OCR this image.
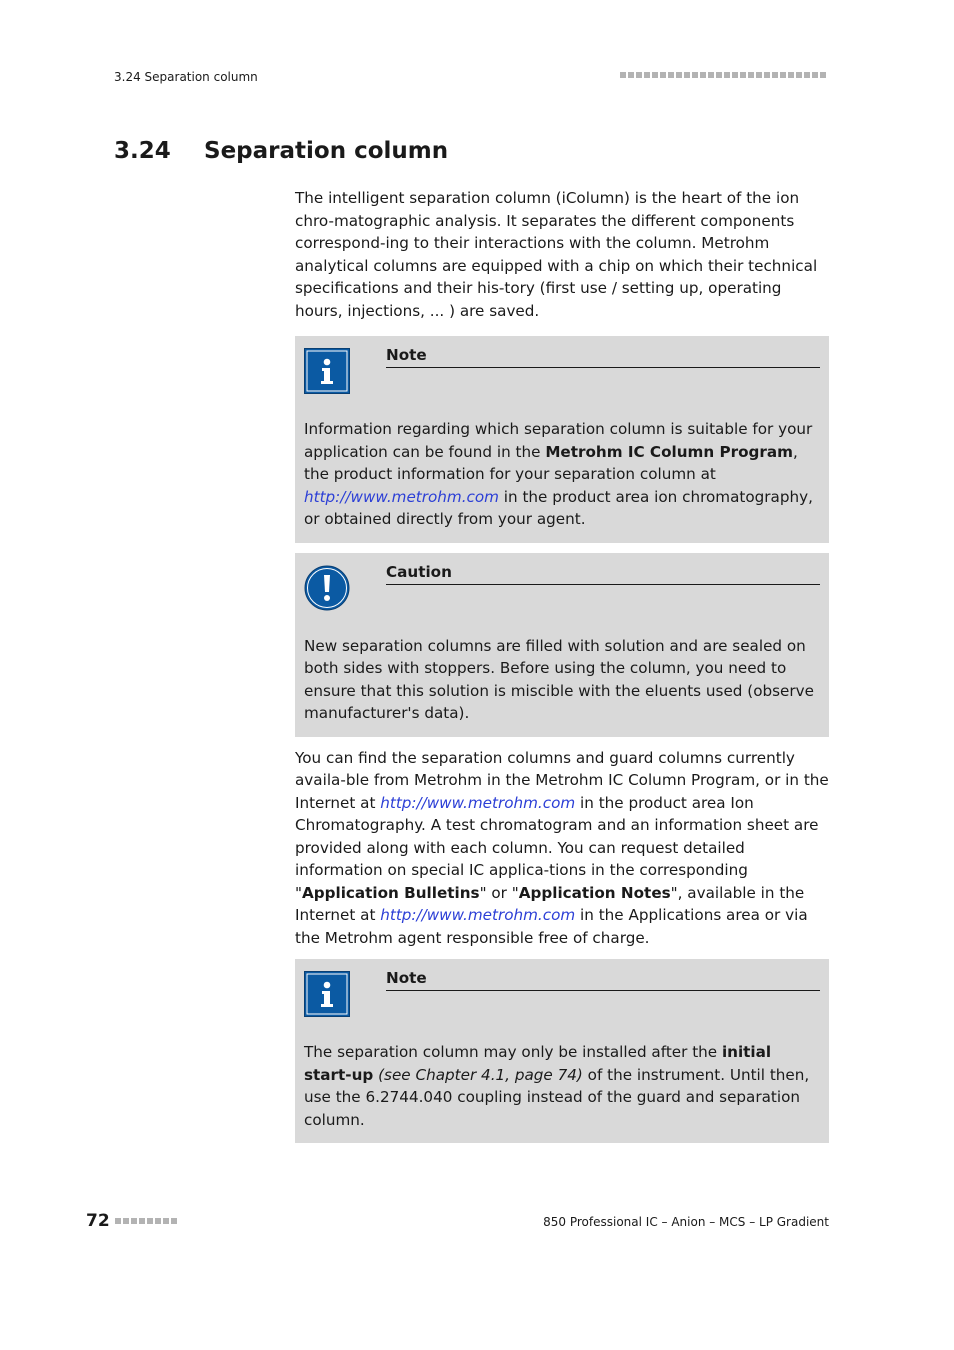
3.24 Separation column
3.24 Separation column

The intelligent separation column (iColumn) is the heart of the ion chro-matographic analysis. It separates the different components correspond-ing to their interactions with the column. Metrohm analytical columns are equipped with a chip on which their technical specifications and their his-tory (first use / setting up, operating hours, injections, ... ) are saved.

Note
Information regarding which separation column is suitable for your application can be found in the Metrohm IC Column Program, the product information for your separation column at http://www.metrohm.com in the product area ion chromatography, or obtained directly from your agent.
Caution
New separation columns are filled with solution and are sealed on both sides with stoppers. Before using the column, you need to ensure that this solution is miscible with the eluents used (observe manufacturer's data).

You can find the separation columns and guard columns currently availa-ble from Metrohm in the Metrohm IC Column Program, or in the Internet at http://www.metrohm.com in the product area Ion Chromatography. A test chromatogram and an information sheet are provided along with each column. You can request detailed information on special IC applica-tions in the corresponding "Application Bulletins" or "Application Notes", available in the Internet at http://www.metrohm.com in the Applications area or via the Metrohm agent responsible free of charge.

Note
The separation column may only be installed after the initial start-up (see Chapter 4.1, page 74) of the instrument. Until then, use the 6.2744.040 coupling instead of the guard and separation column.
72	850 Professional IC – Anion – MCS – LP Gradient
